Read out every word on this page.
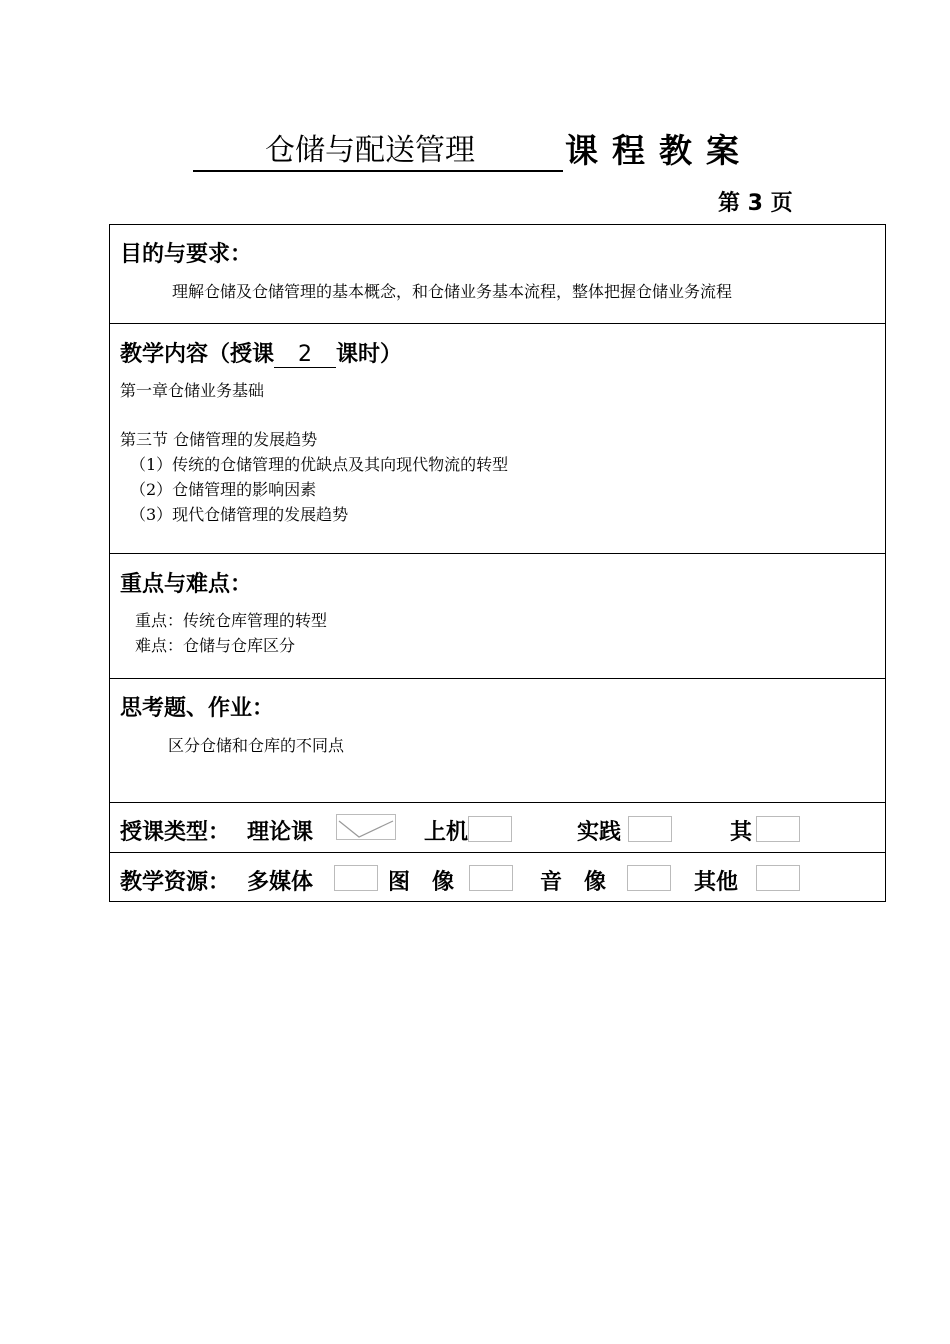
仓储与配送管理	课程教案
第 3 页
目的与要求：
理解仓储及仓储管理的基本概念，和仓储业务基本流程，整体把握仓储业务流程
教学内容（授课 2 课时）
第一章仓储业务基础
第三节 仓储管理的发展趋势
（1）传统的仓储管理的优缺点及其向现代物流的转型
（2）仓储管理的影响因素
（3）现代仓储管理的发展趋势
重点与难点：
重点：传统仓库管理的转型
难点：仓储与仓库区分
思考题、作业：
区分仓储和仓库的不同点
授课类型： 理论课	上机	实践	其
教学资源： 多媒体	图　像	音　像	其他
